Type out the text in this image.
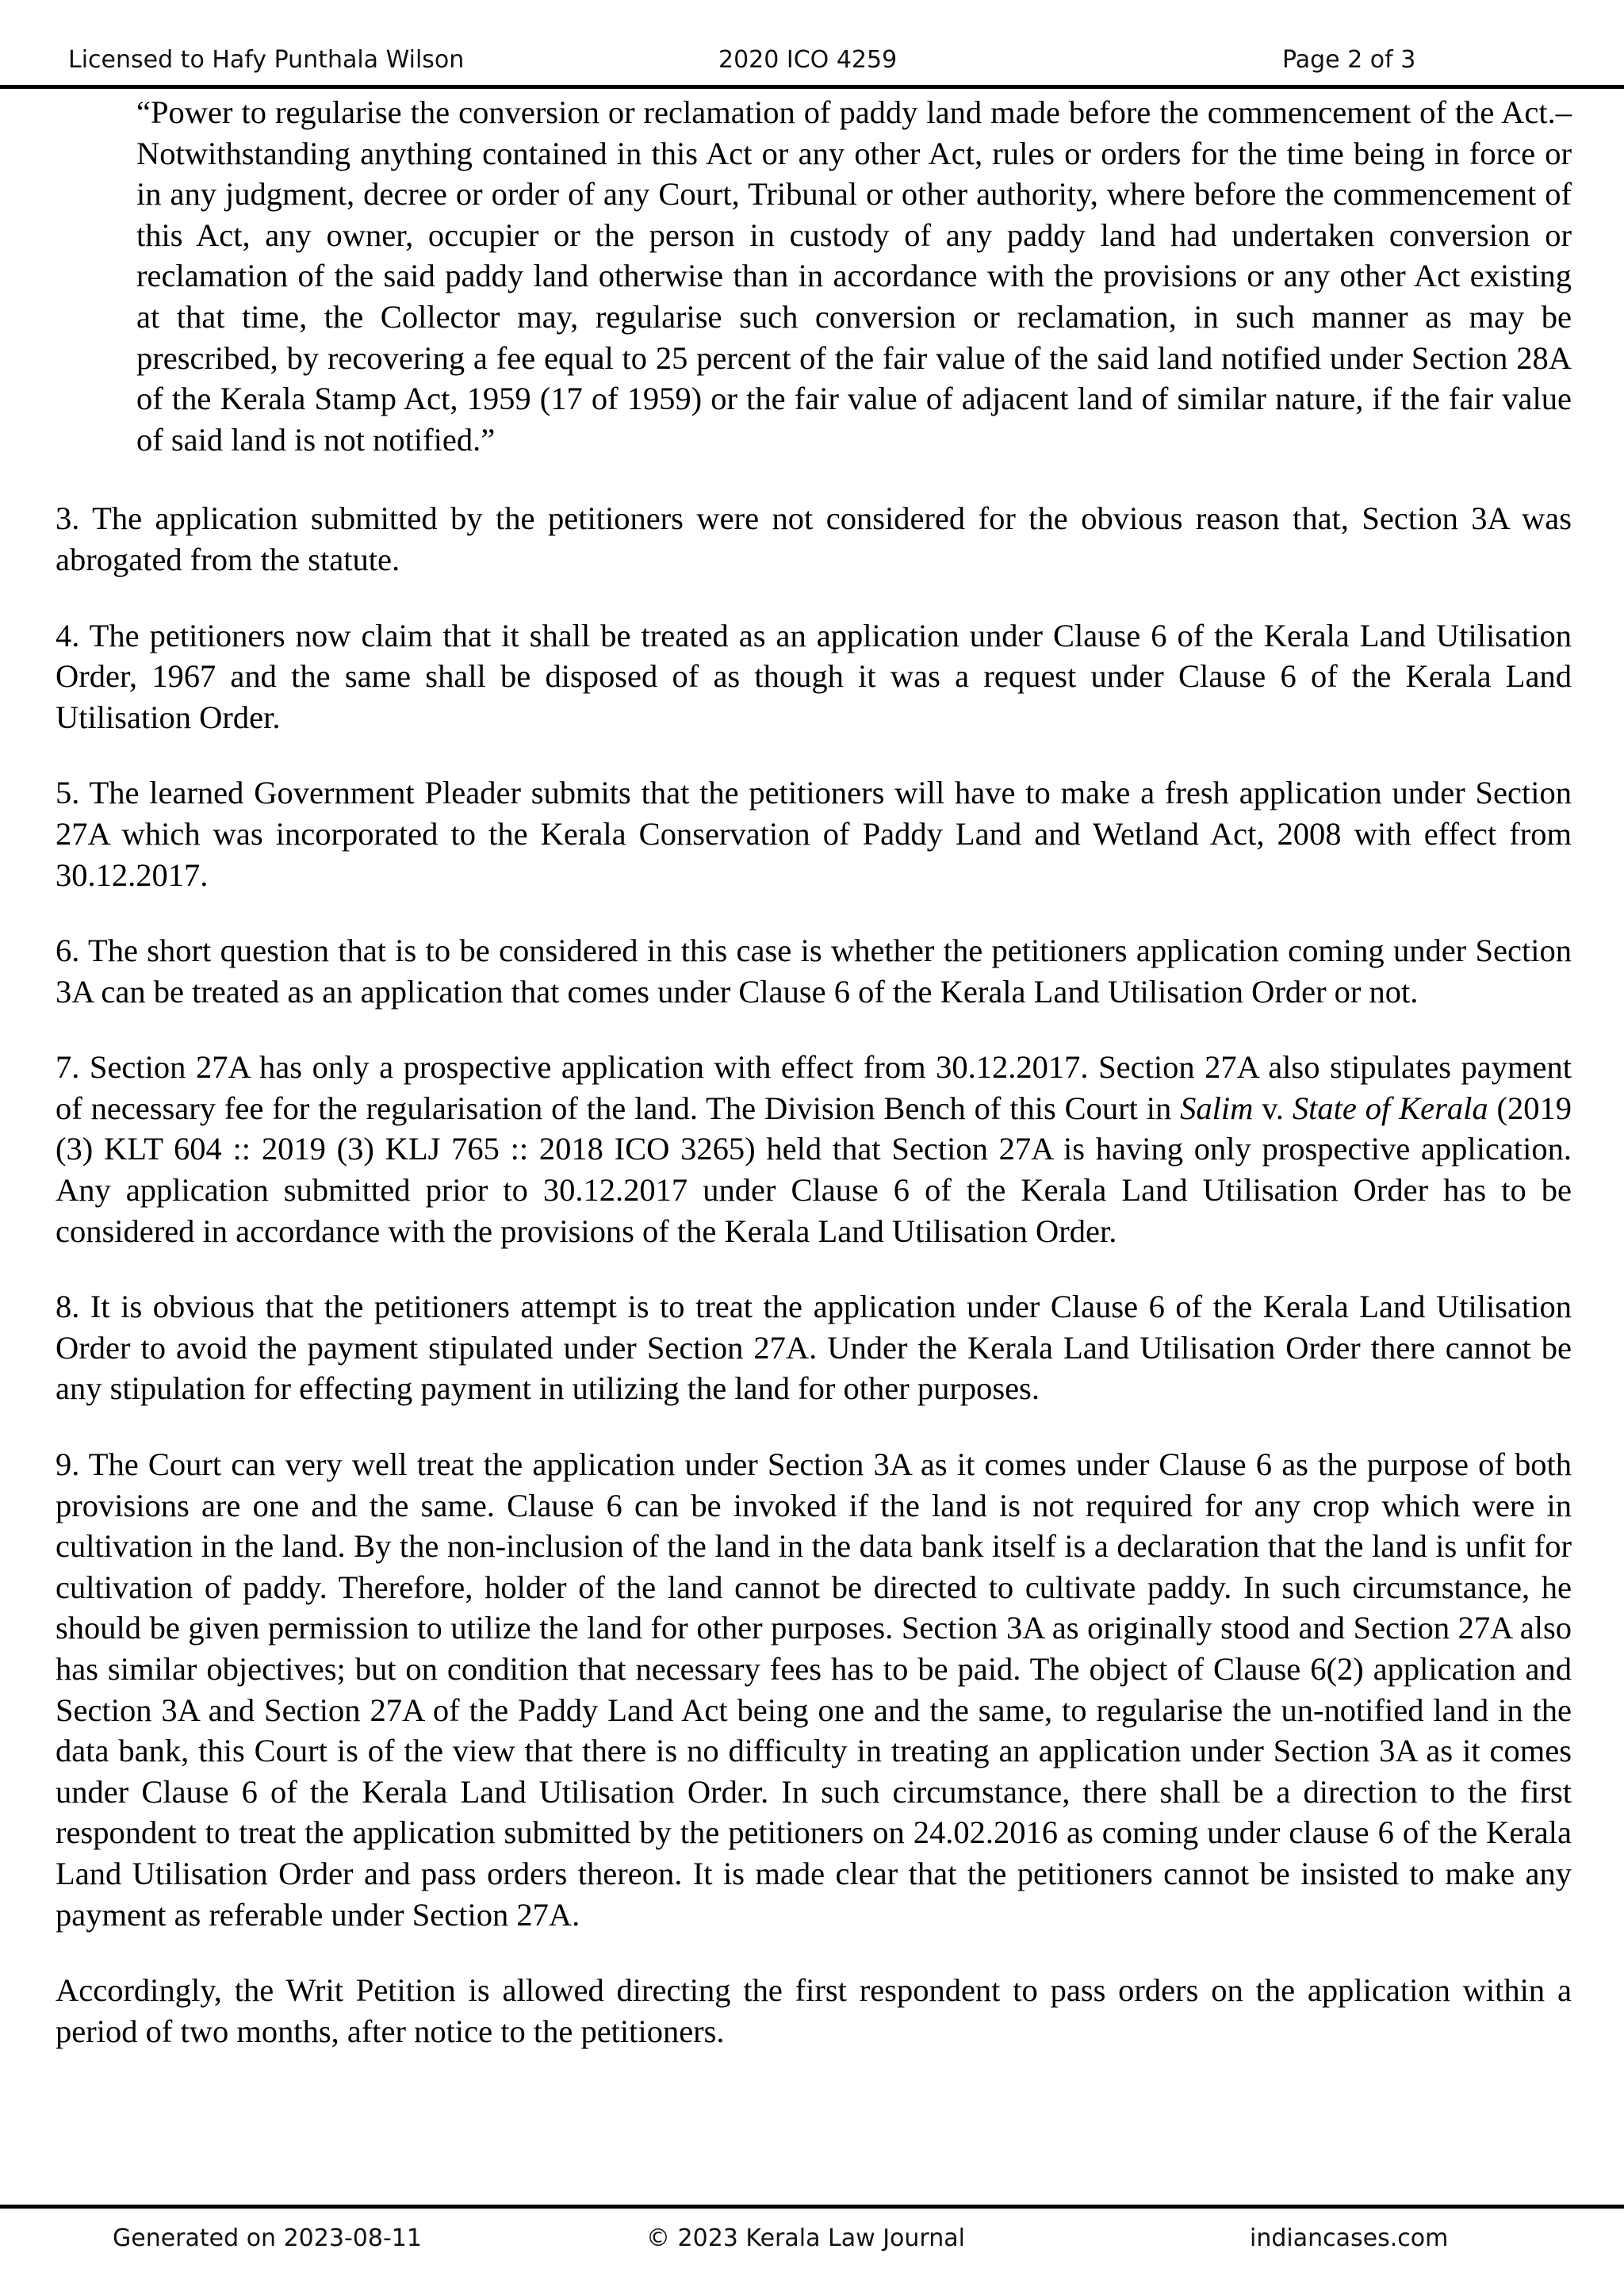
Licensed to Hafy Punthala Wilson	2020 ICO 4259	Page 2 of 3

“Power to regularise the conversion or reclamation of paddy land made before the commencement of the Act.– Notwithstanding anything contained in this Act or any other Act, rules or orders for the time being in force or in any judgment, decree or order of any Court, Tribunal or other authority, where before the commencement of this Act, any owner, occupier or the person in custody of any paddy land had undertaken conversion or reclamation of the said paddy land otherwise than in accordance with the provisions or any other Act existing at that time, the Collector may, regularise such conversion or reclamation, in such manner as may be prescribed, by recovering a fee equal to 25 percent of the fair value of the said land notified under Section 28A of the Kerala Stamp Act, 1959 (17 of 1959) or the fair value of adjacent land of similar nature, if the fair value of said land is not notified.”

3. The application submitted by the petitioners were not considered for the obvious reason that, Section 3A was abrogated from the statute.

4. The petitioners now claim that it shall be treated as an application under Clause 6 of the Kerala Land Utilisation Order, 1967 and the same shall be disposed of as though it was a request under Clause 6 of the Kerala Land Utilisation Order.

5. The learned Government Pleader submits that the petitioners will have to make a fresh application under Section 27A which was incorporated to the Kerala Conservation of Paddy Land and Wetland Act, 2008 with effect from 30.12.2017.

6. The short question that is to be considered in this case is whether the petitioners application coming under Section 3A can be treated as an application that comes under Clause 6 of the Kerala Land Utilisation Order or not.

7. Section 27A has only a prospective application with effect from 30.12.2017. Section 27A also stipulates payment of necessary fee for the regularisation of the land. The Division Bench of this Court in Salim v. State of Kerala (2019 (3) KLT 604 :: 2019 (3) KLJ 765 :: 2018 ICO 3265) held that Section 27A is having only prospective application. Any application submitted prior to 30.12.2017 under Clause 6 of the Kerala Land Utilisation Order has to be considered in accordance with the provisions of the Kerala Land Utilisation Order.

8. It is obvious that the petitioners attempt is to treat the application under Clause 6 of the Kerala Land Utilisation Order to avoid the payment stipulated under Section 27A. Under the Kerala Land Utilisation Order there cannot be any stipulation for effecting payment in utilizing the land for other purposes.

9. The Court can very well treat the application under Section 3A as it comes under Clause 6 as the purpose of both provisions are one and the same. Clause 6 can be invoked if the land is not required for any crop which were in cultivation in the land. By the non-inclusion of the land in the data bank itself is a declaration that the land is unfit for cultivation of paddy. Therefore, holder of the land cannot be directed to cultivate paddy. In such circumstance, he should be given permission to utilize the land for other purposes. Section 3A as originally stood and Section 27A also has similar objectives; but on condition that necessary fees has to be paid. The object of Clause 6(2) application and Section 3A and Section 27A of the Paddy Land Act being one and the same, to regularise the un-notified land in the data bank, this Court is of the view that there is no difficulty in treating an application under Section 3A as it comes under Clause 6 of the Kerala Land Utilisation Order. In such circumstance, there shall be a direction to the first respondent to treat the application submitted by the petitioners on 24.02.2016 as coming under clause 6 of the Kerala Land Utilisation Order and pass orders thereon. It is made clear that the petitioners cannot be insisted to make any payment as referable under Section 27A.

Accordingly, the Writ Petition is allowed directing the first respondent to pass orders on the application within a period of two months, after notice to the petitioners.

Generated on 2023-08-11	© 2023 Kerala Law Journal	indiancases.com
